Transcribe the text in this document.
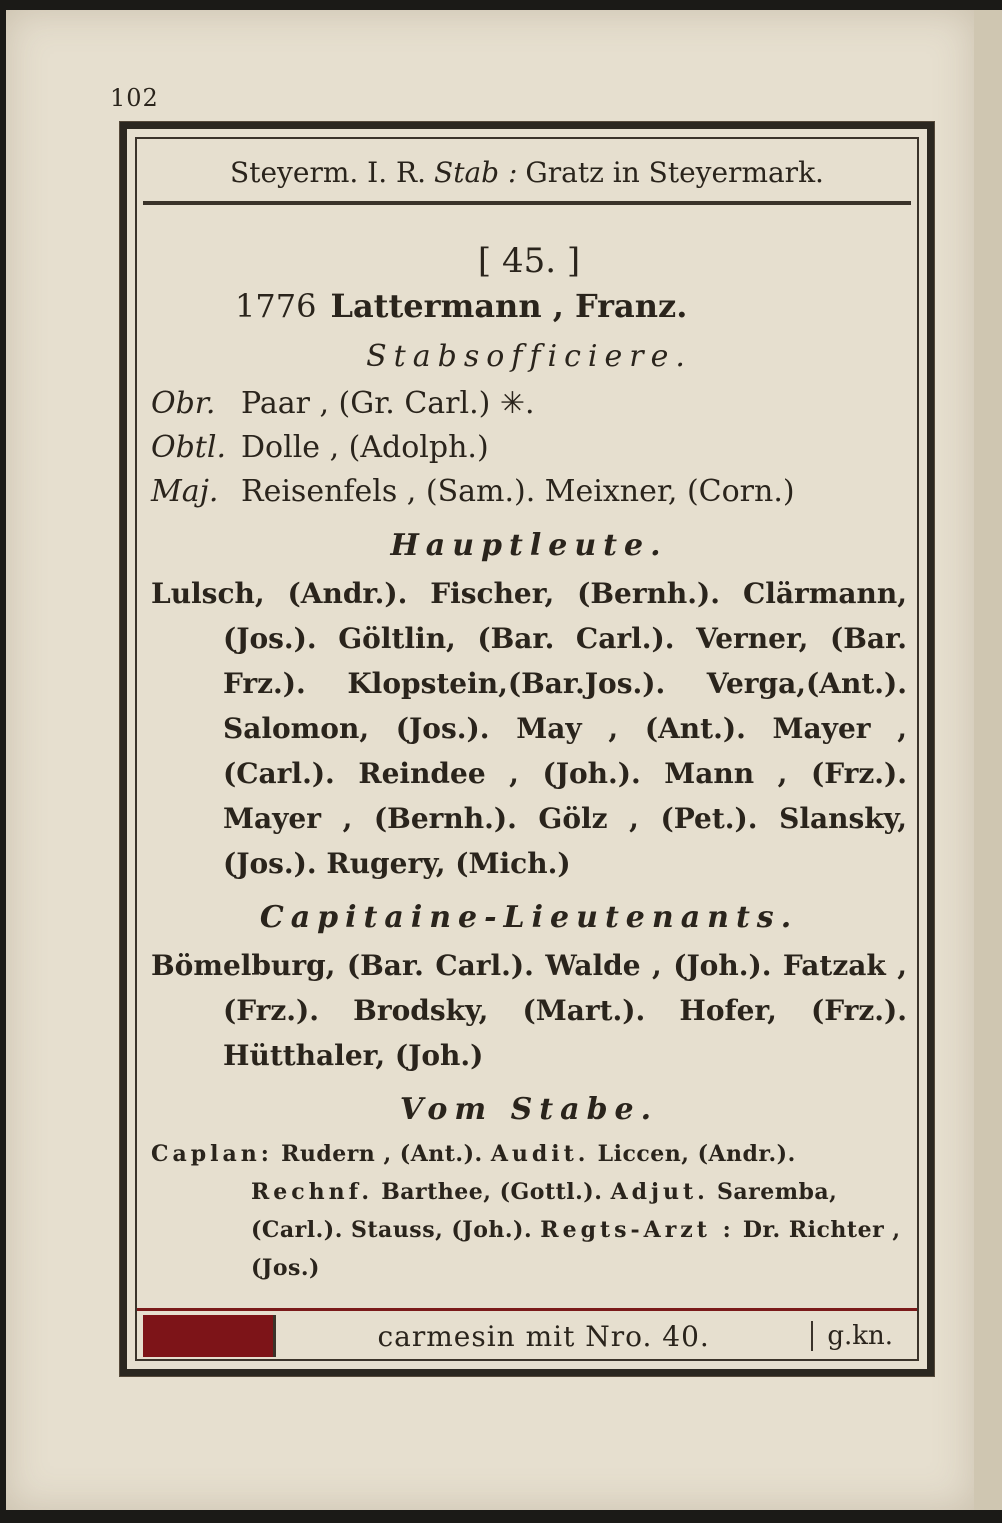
102
Steyerm. I. R. Stab : Gratz in Steyermark.
[ 45. ]
1776 Lattermann , Franz.
Stabsofficiere.
Obr. Paar , (Gr. Carl.) ✳.
Obtl. Dolle , (Adolph.)
Maj. Reisenfels , (Sam.). Meixner, (Corn.)
Hauptleute.
Lulsch, (Andr.). Fischer, (Bernh.). Clärmann,(Jos.). Göltlin, (Bar. Carl.). Verner, (Bar. Frz.). Klopstein,(Bar.Jos.). Verga,(Ant.). Salomon, (Jos.). May , (Ant.). Mayer , (Carl.). Reindee , (Joh.). Mann , (Frz.). Mayer , (Bernh.). Gölz , (Pet.). Slansky, (Jos.). Rugery, (Mich.)
Capitaine-Lieutenants.
Bömelburg, (Bar. Carl.). Walde , (Joh.). Fatzak , (Frz.). Brodsky, (Mart.). Hofer, (Frz.). Hütthaler, (Joh.)
Vom Stabe.
Caplan: Rudern , (Ant.). Audit. Liccen, (Andr.). Rechnf. Barthee, (Gottl.). Adjut. Saremba, (Carl.). Stauss, (Joh.). Regts-Arzt : Dr. Richter , (Jos.)
carmesin mit Nro. 40.	g.kn.
